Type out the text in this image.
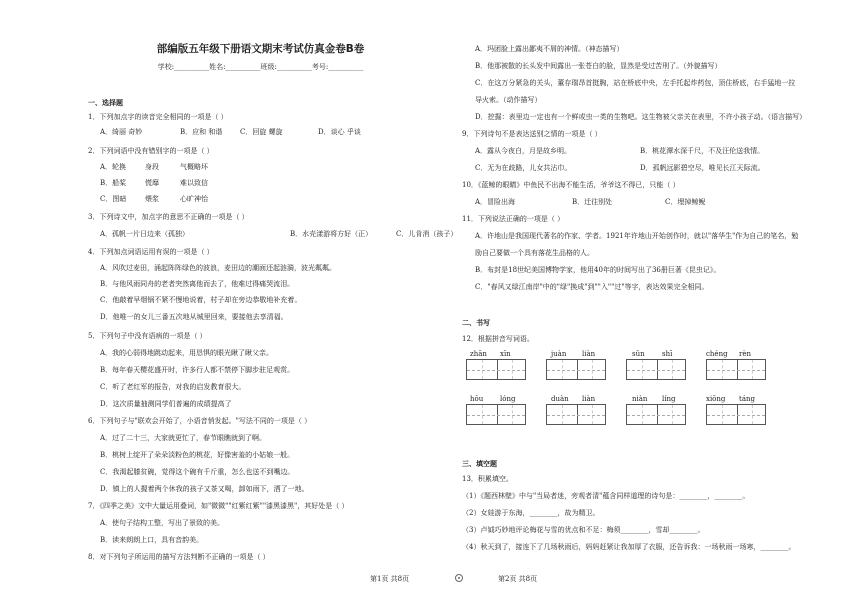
部编版五年级下册语文期末考试仿真金卷B卷
学校:__________姓名:__________班级:__________考号:__________
一、选择题
1．下列加点字的读音完全相同的一项是（ ）
A．绮丽 奇妙	B．应和 和谐	C．回旋 螺旋	D．谈心 乎谈
2．下列词语中没有错别字的一项是（ ）
A．轮换	身段	气概略坏
B．船桨	慌靡	难以致信
C．图暗	煨浆	心旷神怡
3．下列诗文中，加点字的意思不正确的一项是（ ）
A．孤帆一片日边来（孤独）	B．水壳漾游将方好（正）	C．儿肯消（孩子）
4．下列加点词语运用有误的一项是（ ）
A．风吹过麦田，涌起阵阵绿色的波浪，麦田边的潮面还起涟漪，波光粼粼。
B．与他风雨同舟的老者突然离他而去了，他难过得痛哭流泪。
C．他敲着早烟锅不紧不慢地说着，村子却在旁边恭敬地补充着。
D．他唯一的女儿三番五次地从城里回来，要接他去享清福。
5．下列句子中没有语病的一项是（ ）
A．我的心弱得地跳动起来，用恳惧的眼光瞅了瞅父亲。
B．每年春天樱花盛开时，许多行人都不禁停下脚步驻足观赏。
C．听了老红军的报告，对我的启发教育很大。
D．这次质量抽测同学们普遍的成绩提高了
6．下列句子与"联欢会开始了，小语音悄发起。"写法不同的一项是（ ）
A．过了二十三，大家就更忙了，春节眼瞧就到了啊。
B．桃树上绽开了朵朵淡粉色的桃花，好像害羞的小姑娘一般。
C．我渴起膝贫碗，觉得这个碗有千斤重，怎么也送不到嘴边。
D．镇上的人握着两个休我的孩子又茶又喝，卸如雨下，洒了一地。
7．《四季之美》文中大量运用叠词，如"微微""红紫红紫""漆黑漆黑"，其好处是（ ）
A．使句子结构工整，写出了景致的美。
B．读来朗朗上口，具有音韵美。
8．对下列句子所运用的描写方法判断不正确的一项是（ ）
A．玛团脸上露出鄙夷不屑的神情。（神态描写）
B．他那被散的长头发中间露出一张苍白的脸，显然是受过苦刑了。（外貌描写）
C．在这万分紧急的关头，董存瑞昂首挺胸，站在桥底中央，左手托起炸药包，顶住桥底，右手猛地一拉
导火索。（动作描写）
D．挖掘：表里边一定也有一个鲜或虫一类的生物吧。这生物被父亲关在表里，不许小孩子动。（语言描写）
9．下列诗句不是表达送别之情的一项是（ ）
A．露从今夜白，月是故乡明。	B．桃花潭水深千尺，不及汪伦送我情。
C．无为在歧路，儿女共沾巾。	D．孤帆远影碧空尽，唯见长江天际流。
10．《蓝鲸的眼睛》中鱼民不出海不能生活，爷爷这不得已，只能（ ）
A．冒险出海	B．迁往别处	C．埋掉鲸鲵
11．下列说法正确的一项是（ ）
A．许地山是我国现代著名的作家、学者。1921年许地山开始创作时，就以"落华生"作为自己的笔名，勉
励自己要做一个具有落花生品格的人。
B．布封是18世纪美国博物学家，他用40年的时间写出了36册巨著《昆虫记》。
C．"春风又绿江南岸"中的"绿"换成"到""入""过"等字，表达效果完全相同。
二、书写
12．根据拼音写词语。
zhān xīn	juàn liàn	sǔn shī	chéng rèn
hōu lóng	duàn liàn	niàn líng	xiōng táng
三、填空题
13．积累填空。
（1）《题西林壁》中与"当局者迷，旁观者清"蕴含同样道理的诗句是：________，________。
（2）女娃游于东海，________，故为精卫。
（3）卢钺巧妙地评论梅花与雪的优点和不足：梅须________，雪却________。
（4）秋天到了，接连下了几场秋雨后，妈妈赶紧让我加厚了衣服，还告诉我：一场秋雨一场寒，________。
第1页 共8页	第2页 共8页
